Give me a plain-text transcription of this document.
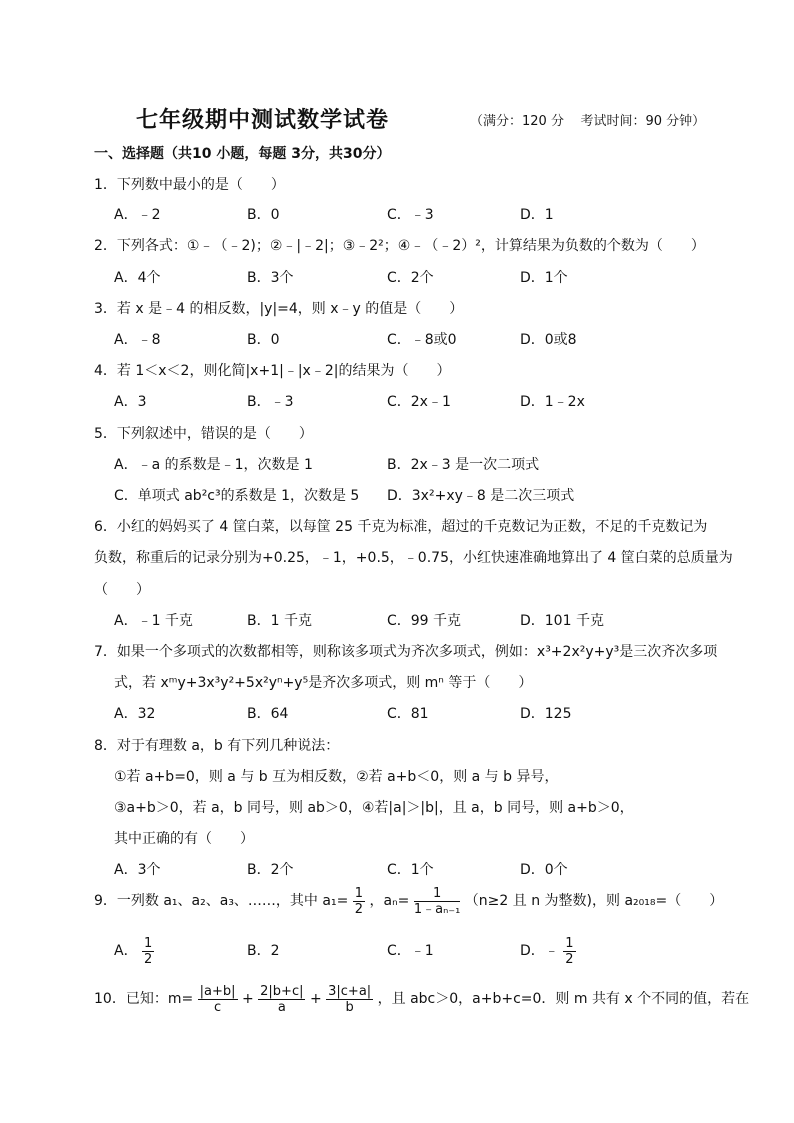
七年级期中测试数学试卷	（满分：120 分    考试时间：90 分钟）
一、选择题（共10 小题，每题 3分，共30分）
1．下列数中最小的是（　　）
A．﹣2	B．0	C．﹣3	D．1
2．下列各式：①﹣（﹣2)；②﹣|﹣2|；③﹣2²；④﹣（﹣2）²，计算结果为负数的个数为（　　）
A．4个	B．3个	C．2个	D．1个
3．若 x 是﹣4 的相反数，|y|=4，则 x﹣y 的值是（　　）
A．﹣8	B．0	C．﹣8或0	D．0或8
4．若 1＜x＜2，则化简|x+1|﹣|x﹣2|的结果为（　　）
A．3	B．﹣3	C．2x﹣1	D．1﹣2x
5．下列叙述中，错误的是（　　）
A．﹣a 的系数是﹣1，次数是 1	B．2x﹣3 是一次二项式
C．单项式 ab²c³的系数是 1，次数是 5 D．3x²+xy﹣8 是二次三项式
6．小红的妈妈买了 4 筐白菜，以每筐 25 千克为标准，超过的千克数记为正数，不足的千克数记为
负数，称重后的记录分别为+0.25，﹣1，+0.5，﹣0.75，小红快速准确地算出了 4 筐白菜的总质量为
（　　）
A．﹣1 千克	B．1 千克	C．99 千克	D．101 千克
7．如果一个多项式的次数都相等，则称该多项式为齐次多项式，例如：x³+2x²y+y³是三次齐次多项
式，若 xᵐy+3x³y²+5x²yⁿ+y⁵是齐次多项式，则 mⁿ 等于（　　）
A．32	B．64	C．81	D．125
8．对于有理数 a，b 有下列几种说法：
①若 a+b=0，则 a 与 b 互为相反数，②若 a+b＜0，则 a 与 b 异号，
③a+b＞0，若 a，b 同号，则 ab＞0，④若|a|＞|b|，且 a，b 同号，则 a+b＞0，
其中正确的有（　　）
A．3个	B．2个	C．1个	D．0个
9．一列数 a₁、a₂、a₃、……，其中 $a_1= \frac{1}{2}$ ，$a_n= \frac{1}{\text{1﹣aₙ₋₁}} (n\ge 2$ 且 n 为整数)，则 a₂₀₁₈=（　　）
A． $\frac{1}{2}$	B．2	C．﹣1	D．﹣ $\frac{1}{2}$
10．已知：$m= \frac{|a+b|}{c} + \frac{2|b+c|}{a} + \frac{3|c+a|}{b}$ ，且 abc＞0，a+b+c=0．则 m 共有 x 个不同的值，若在
